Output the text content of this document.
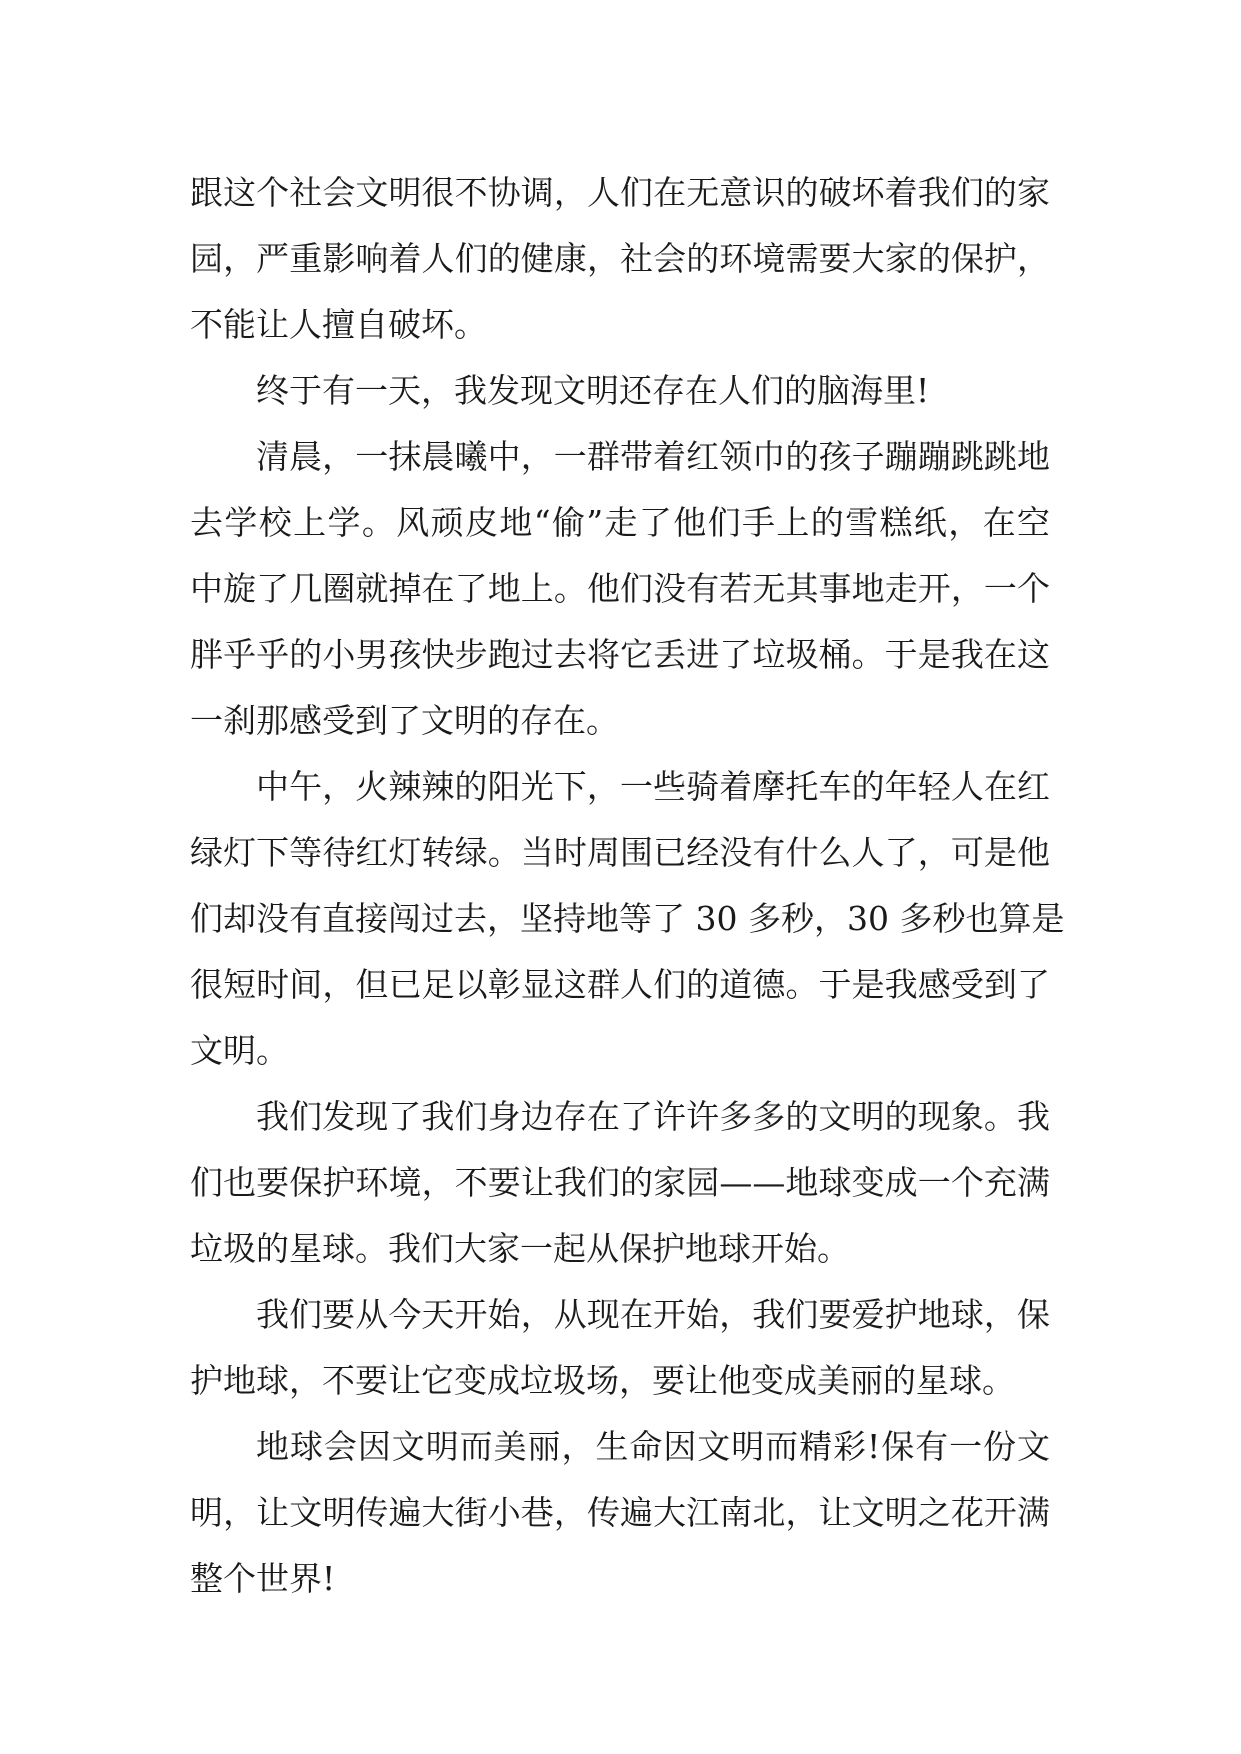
跟这个社会文明很不协调，人们在无意识的破坏着我们的家
园，严重影响着人们的健康，社会的环境需要大家的保护，
不能让人擅自破坏。
终于有一天，我发现文明还存在人们的脑海里!
清晨，一抹晨曦中，一群带着红领巾的孩子蹦蹦跳跳地
去学校上学。风顽皮地“偷”走了他们手上的雪糕纸，在空
中旋了几圈就掉在了地上。他们没有若无其事地走开，一个
胖乎乎的小男孩快步跑过去将它丢进了垃圾桶。于是我在这
一刹那感受到了文明的存在。
中午，火辣辣的阳光下，一些骑着摩托车的年轻人在红
绿灯下等待红灯转绿。当时周围已经没有什么人了，可是他
们却没有直接闯过去，坚持地等了 30 多秒，30 多秒也算是
很短时间，但已足以彰显这群人们的道德。于是我感受到了
文明。
我们发现了我们身边存在了许许多多的文明的现象。我
们也要保护环境，不要让我们的家园——地球变成一个充满
垃圾的星球。我们大家一起从保护地球开始。
我们要从今天开始，从现在开始，我们要爱护地球，保
护地球，不要让它变成垃圾场，要让他变成美丽的星球。
地球会因文明而美丽，生命因文明而精彩!保有一份文
明，让文明传遍大街小巷，传遍大江南北，让文明之花开满
整个世界!
